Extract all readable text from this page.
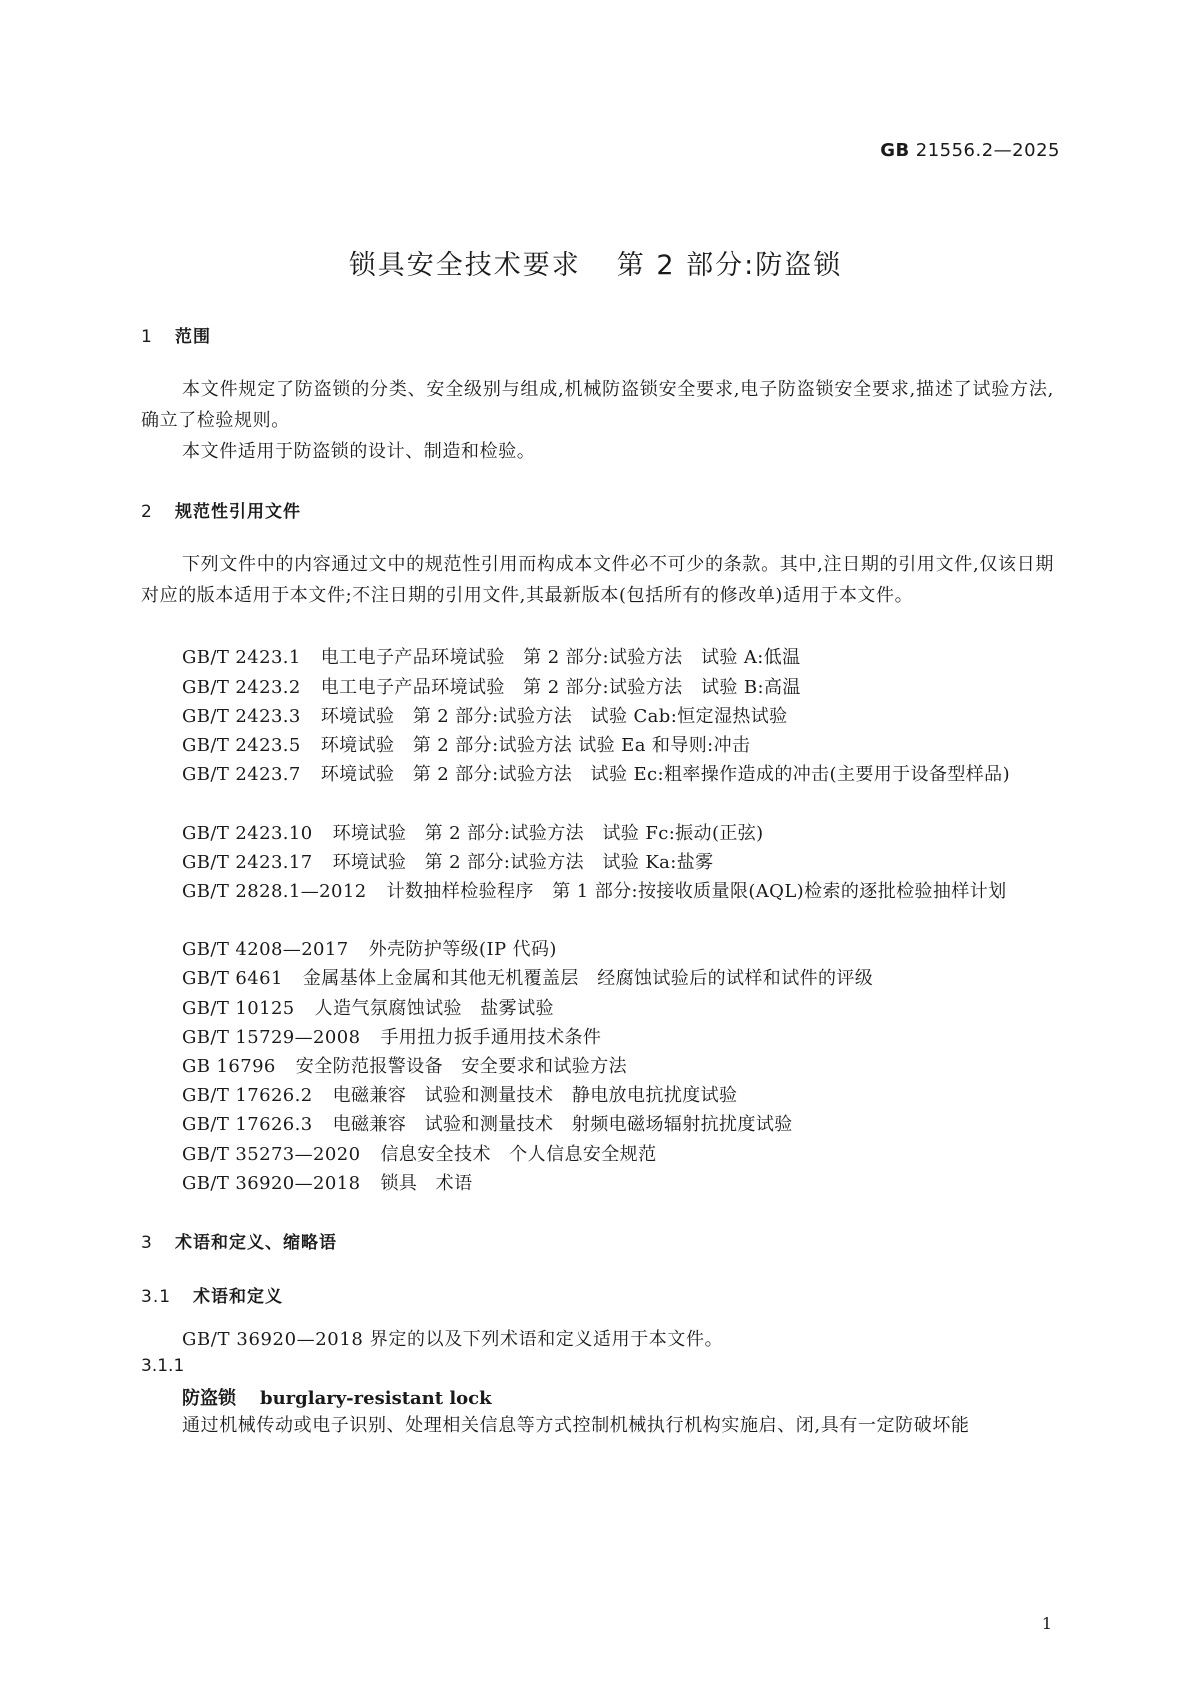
GB 21556.2—2025
锁具安全技术要求 第 2 部分:防盗锁
1 范围
本文件规定了防盗锁的分类、安全级别与组成,机械防盗锁安全要求,电子防盗锁安全要求,描述了试验方法,确立了检验规则。
本文件适用于防盗锁的设计、制造和检验。
2 规范性引用文件
下列文件中的内容通过文中的规范性引用而构成本文件必不可少的条款。其中,注日期的引用文件,仅该日期对应的版本适用于本文件;不注日期的引用文件,其最新版本(包括所有的修改单)适用于本文件。
GB/T 2423.1 电工电子产品环境试验　第 2 部分:试验方法　试验 A:低温
GB/T 2423.2 电工电子产品环境试验　第 2 部分:试验方法　试验 B:高温
GB/T 2423.3 环境试验　第 2 部分:试验方法　试验 Cab:恒定湿热试验
GB/T 2423.5 环境试验　第 2 部分:试验方法 试验 Ea 和导则:冲击
GB/T 2423.7 环境试验　第 2 部分:试验方法　试验 Ec:粗率操作造成的冲击(主要用于设备型样品)
GB/T 2423.10 环境试验　第 2 部分:试验方法　试验 Fc:振动(正弦)
GB/T 2423.17 环境试验　第 2 部分:试验方法　试验 Ka:盐雾
GB/T 2828.1—2012 计数抽样检验程序　第 1 部分:按接收质量限(AQL)检索的逐批检验抽样计划
GB/T 4208—2017 外壳防护等级(IP 代码)
GB/T 6461 金属基体上金属和其他无机覆盖层　经腐蚀试验后的试样和试件的评级
GB/T 10125 人造气氛腐蚀试验　盐雾试验
GB/T 15729—2008 手用扭力扳手通用技术条件
GB 16796 安全防范报警设备　安全要求和试验方法
GB/T 17626.2 电磁兼容　试验和测量技术　静电放电抗扰度试验
GB/T 17626.3 电磁兼容　试验和测量技术　射频电磁场辐射抗扰度试验
GB/T 35273—2020 信息安全技术　个人信息安全规范
GB/T 36920—2018 锁具　术语
3 术语和定义、缩略语
3.1 术语和定义
GB/T 36920—2018 界定的以及下列术语和定义适用于本文件。
3.1.1
防盗锁 burglary-resistant lock
通过机械传动或电子识别、处理相关信息等方式控制机械执行机构实施启、闭,具有一定防破坏能
1
